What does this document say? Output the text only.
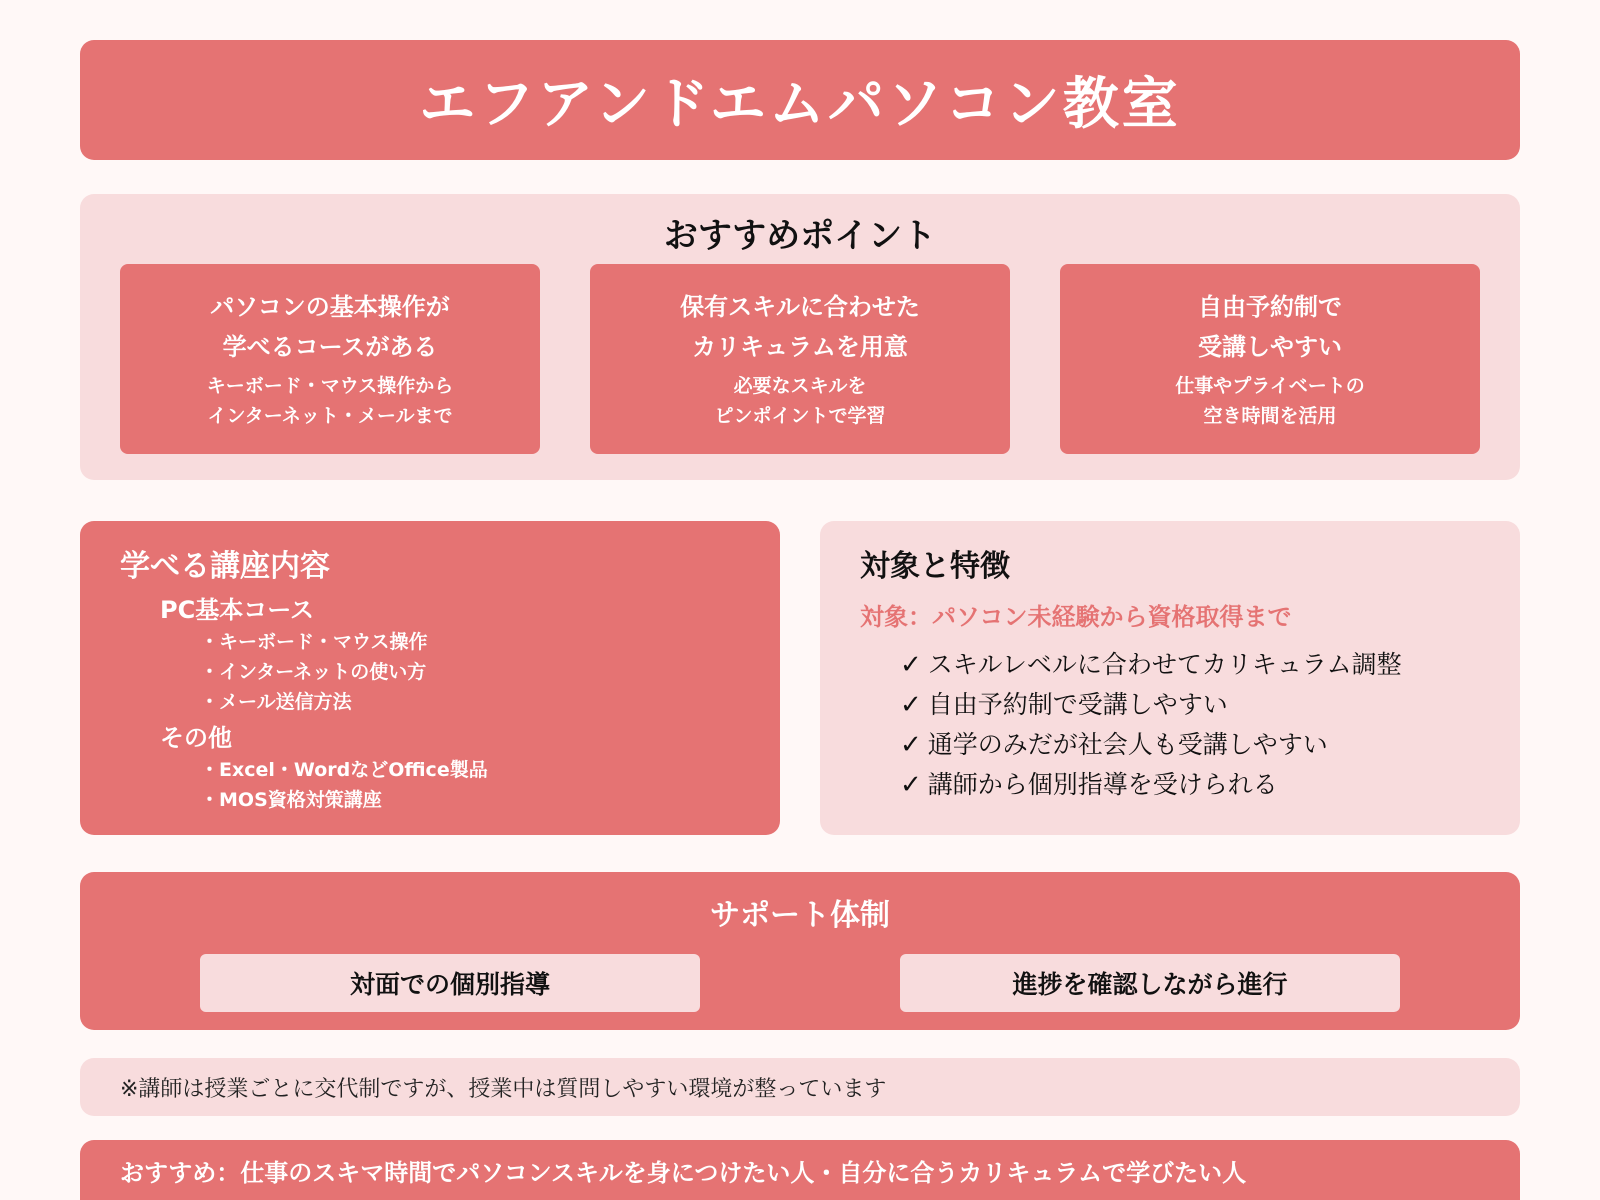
エフアンドエムパソコン教室
おすすめポイント
パソコンの基本操作が
学べるコースがある
キーボード・マウス操作から
インターネット・メールまで
保有スキルに合わせた
カリキュラムを用意
必要なスキルを
ピンポイントで学習
自由予約制で
受講しやすい
仕事やプライベートの
空き時間を活用
学べる講座内容
PC基本コース
・ キーボード・マウス操作
・ インターネットの使い方
・ メール送信方法
その他
・ Excel・WordなどOffice製品
・ MOS資格対策講座
対象と特徴
対象：パソコン未経験から資格取得まで
✓ スキルレベルに合わせてカリキュラム調整
✓ 自由予約制で受講しやすい
✓ 通学のみだが社会人も受講しやすい
✓ 講師から個別指導を受けられる
サポート体制
対面での個別指導	進捗を確認しながら進行
※講師は授業ごとに交代制ですが、授業中は質問しやすい環境が整っています
おすすめ：仕事のスキマ時間でパソコンスキルを身につけたい人・自分に合うカリキュラムで学びたい人
